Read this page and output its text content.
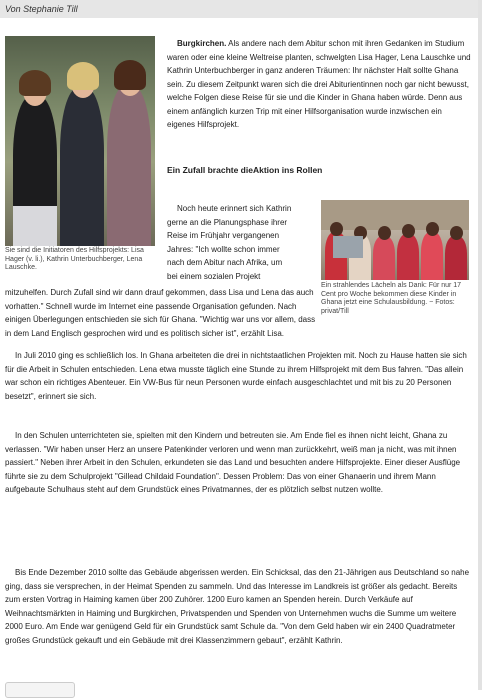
Von Stephanie Till
Sie sind die Initiatoren des Hilfsprojekts: Lisa Hager (v. li.), Kathrin Unterbuchberger, Lena Lauschke.
Burgkirchen. Als andere nach dem Abitur schon mit ihren Gedanken im Studium waren oder eine kleine Weltreise planten, schwelgten Lisa Hager, Lena Lauschke und Kathrin Unterbuchberger in ganz anderen Träumen: Ihr nächster Halt sollte Ghana sein. Zu diesem Zeitpunkt waren sich die drei Abiturientinnen noch gar nicht bewusst, welche Folgen diese Reise für sie und die Kinder in Ghana haben würde. Denn aus einem anfänglich kurzen Trip mit einer Hilfsorganisation wurde inzwischen ein eigenes Hilfsprojekt.
Ein Zufall brachte dieAktion ins Rollen
Noch heute erinnert sich Kathrin
gerne an die Planungsphase ihrer
Reise im Frühjahr vergangenen
Jahres: "Ich wollte schon immer
nach dem Abitur nach Afrika, um
bei einem sozialen Projekt
Ein strahlendes Lächeln als Dank: Für nur 17 Cent pro Woche bekommen diese Kinder in Ghana jetzt eine Schulausbildung. − Fotos: privat/Till
mitzuhelfen. Durch Zufall sind wir dann drauf gekommen, dass Lisa und Lena das auch vorhatten." Schnell wurde im Internet eine passende Organisation gefunden. Nach einigen Überlegungen entschieden sie sich für Ghana. "Wichtig war uns vor allem, dass in dem Land Englisch gesprochen wird und es politisch sicher ist", erzählt Lisa.
In Juli 2010 ging es schließlich los. In Ghana arbeiteten die drei in nichtstaatlichen Projekten mit. Noch zu Hause hatten sie sich für die Arbeit in Schulen entschieden. Lena etwa musste täglich eine Stunde zu ihrem Hilfsprojekt mit dem Bus fahren. "Das allein war schon ein richtiges Abenteuer. Ein VW-Bus für neun Personen wurde einfach ausgeschlachtet und mit bis zu 20 Personen besetzt", erinnert sie sich.
In den Schulen unterrichteten sie, spielten mit den Kindern und betreuten sie. Am Ende fiel es ihnen nicht leicht, Ghana zu verlassen. "Wir haben unser Herz an unsere Patenkinder verloren und wenn man zurückkehrt, weiß man ja nicht, was mit ihnen passiert." Neben ihrer Arbeit in den Schulen, erkundeten sie das Land und besuchten andere Hilfsprojekte. Einer dieser Ausflüge führte sie zu dem Schulprojekt "Gillead Childaid Foundation". Dessen Problem: Das von einer Ghanaerin und ihrem Mann aufgebaute Schulhaus steht auf dem Grundstück eines Privatmannes, der es plötzlich selbst nutzen wollte.
Bis Ende Dezember 2010 sollte das Gebäude abgerissen werden. Ein Schicksal, das den 21-Jährigen aus Deutschland so nahe ging, dass sie versprechen, in der Heimat Spenden zu sammeln. Und das Interesse im Landkreis ist größer als gedacht. Bereits zum ersten Vortrag in Haiming kamen über 200 Zuhörer. 1200 Euro kamen an Spenden herein. Durch Verkäufe auf Weihnachtsmärkten in Haiming und Burgkirchen, Privatspenden und Spenden von Unternehmen wuchs die Summe um weitere 2000 Euro. Am Ende war genügend Geld für ein Grundstück samt Schule da. "Von dem Geld haben wir ein 2400 Quadratmeter großes Grundstück gekauft und ein Gebäude mit drei Klassenzimmern gebaut", erzählt Kathrin.
